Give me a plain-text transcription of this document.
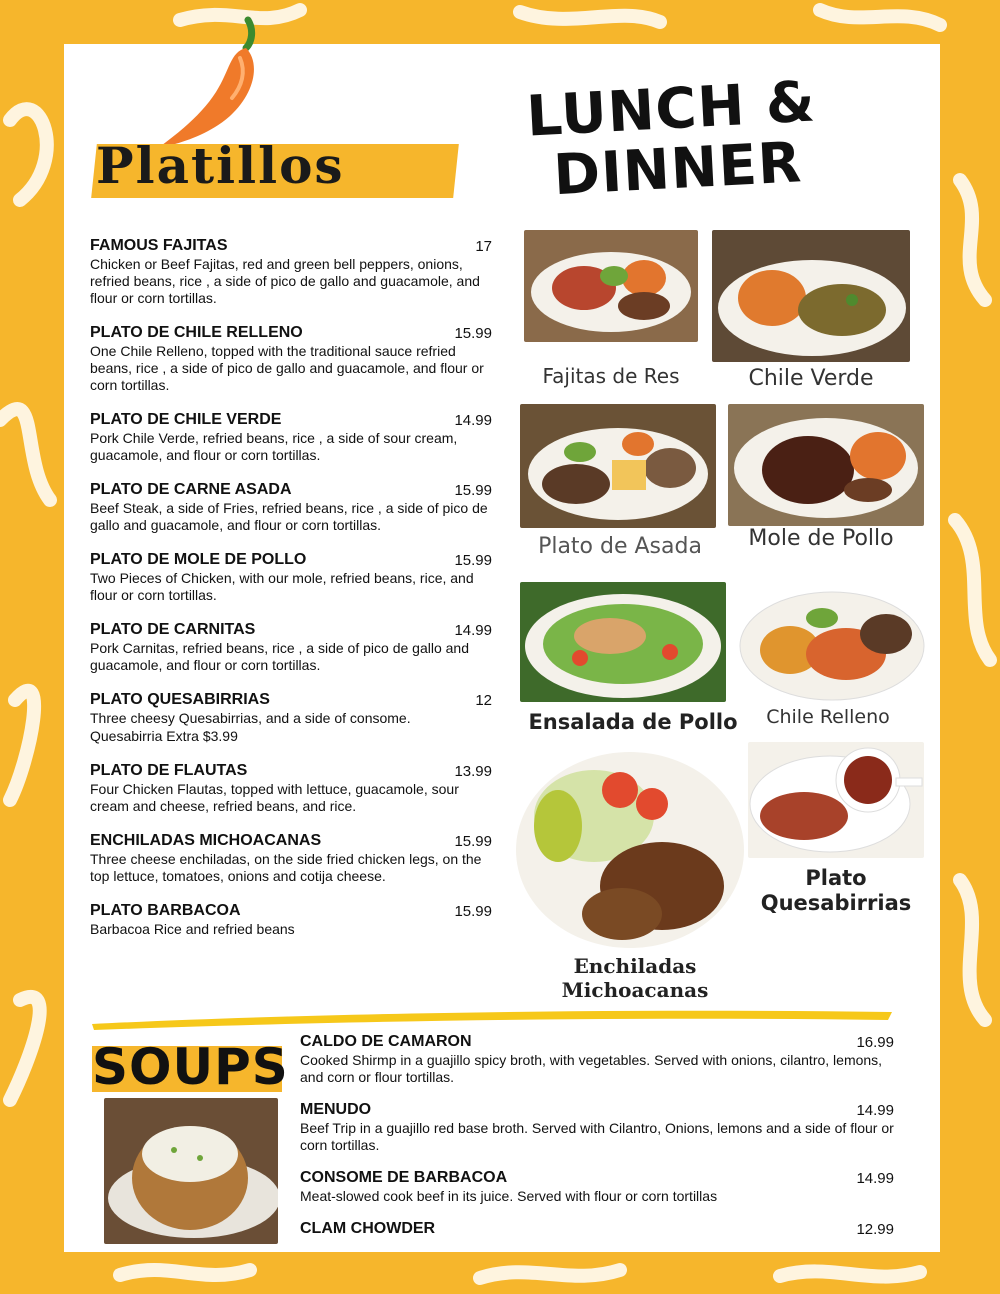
Platillos
LUNCH &
DINNER
FAMOUS FAJITAS	17
Chicken or Beef Fajitas, red and green bell peppers, onions, refried beans, rice , a side of pico de gallo and guacamole, and flour or corn tortillas.
PLATO DE CHILE RELLENO	15.99
One Chile Relleno, topped with the traditional sauce refried beans, rice , a side of pico de gallo and guacamole, and flour or corn tortillas.
PLATO DE CHILE VERDE	14.99
Pork Chile Verde, refried beans, rice , a side of sour cream, guacamole, and flour or corn tortillas.
PLATO DE CARNE ASADA	15.99
Beef Steak, a side of Fries, refried beans, rice , a side of pico de gallo and guacamole, and flour or corn tortillas.
PLATO DE MOLE DE POLLO	15.99
Two Pieces of Chicken, with our mole, refried beans, rice, and flour or corn tortillas.
PLATO DE CARNITAS	14.99
Pork Carnitas, refried beans, rice , a side of pico de gallo and guacamole, and flour or corn tortillas.
PLATO QUESABIRRIAS	12
Three cheesy Quesabirrias, and a side of consome.
Quesabirria Extra $3.99
PLATO DE FLAUTAS	13.99
Four Chicken Flautas, topped with lettuce, guacamole, sour cream and cheese, refried beans, and rice.
ENCHILADAS MICHOACANAS	15.99
Three cheese enchiladas, on the side fried chicken legs, on the top lettuce, tomatoes, onions and cotija cheese.
PLATO BARBACOA	15.99
Barbacoa Rice and refried beans
Fajitas de Res	Chile Verde
Plato de Asada	Mole de Pollo
Ensalada de Pollo	Chile Relleno
Enchiladas
Michoacanas
Plato
Quesabirrias
SOUPS CALDO DE CAMARON	16.99
Cooked Shirmp in a guajillo spicy broth, with vegetables. Served with onions, cilantro, lemons, and corn or flour tortillas.
MENUDO	14.99
Beef Trip in a guajillo red base broth. Served with Cilantro, Onions, lemons and a side of flour or corn tortillas.
CONSOME DE BARBACOA	14.99
Meat-slowed cook beef in its juice. Served with flour or corn tortillas
CLAM CHOWDER	12.99
